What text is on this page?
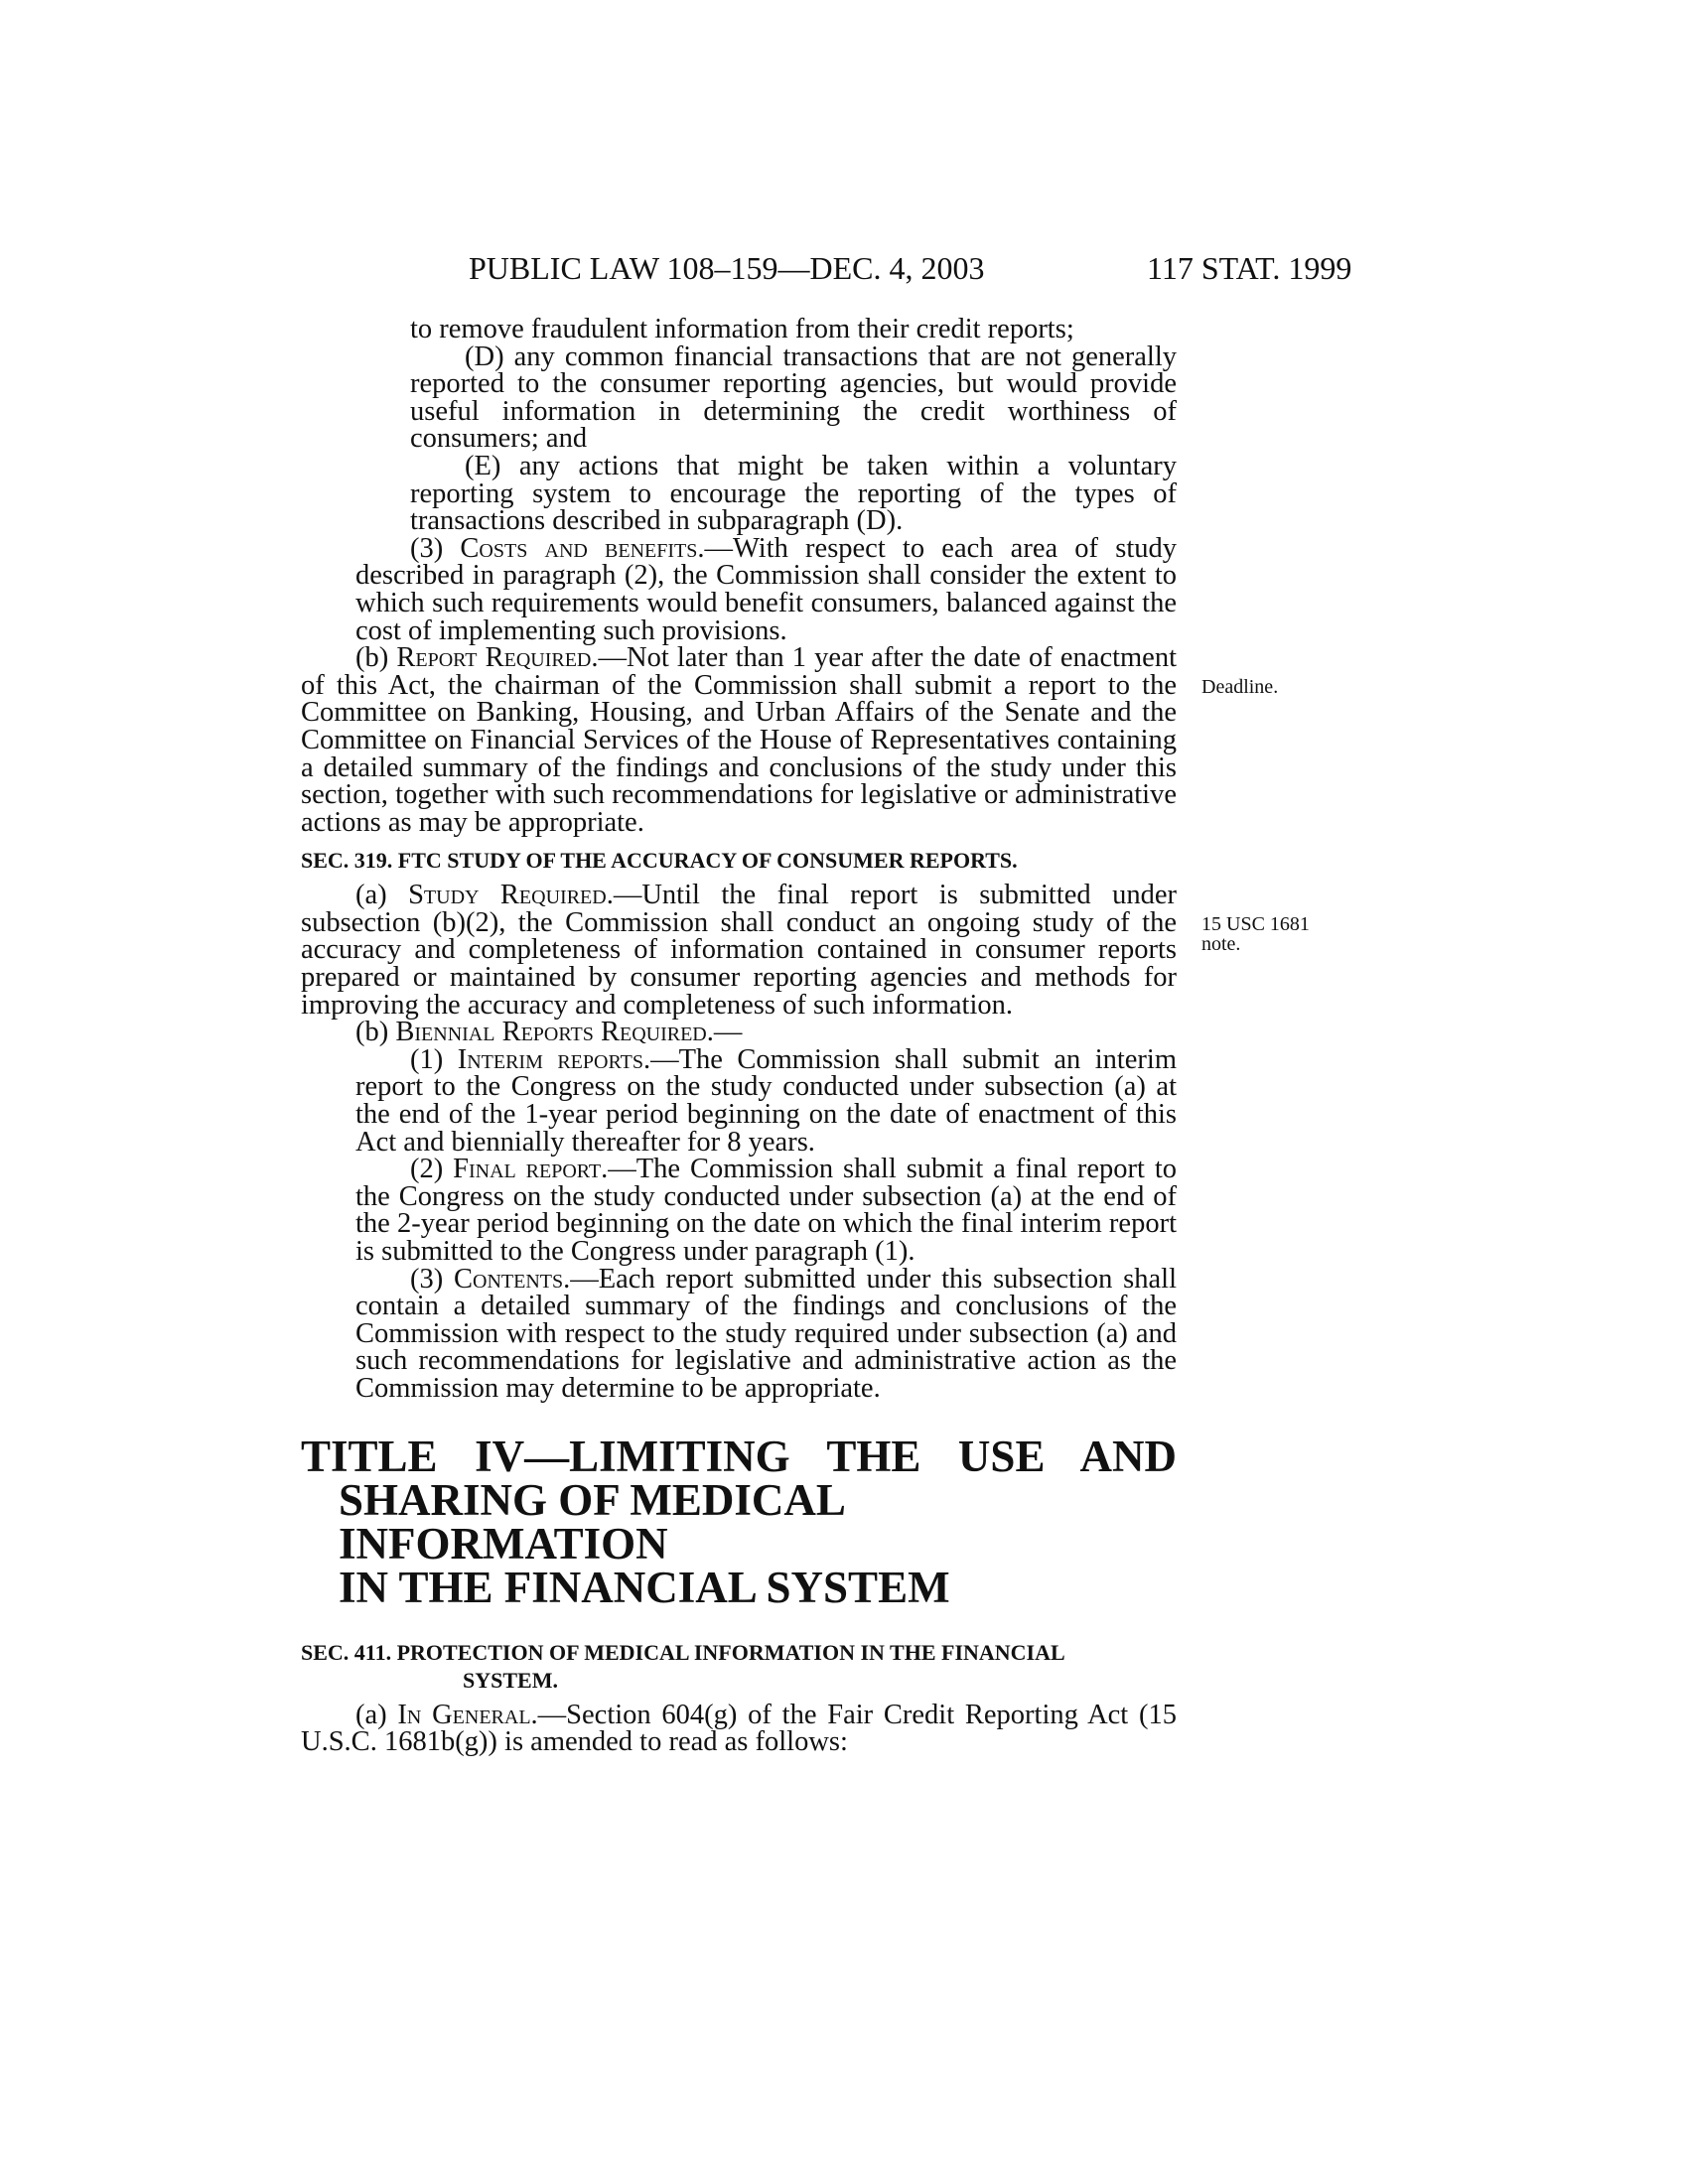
PUBLIC LAW 108–159—DEC. 4, 2003	117 STAT. 1999

to remove fraudulent information from their credit reports;

(D) any common financial transactions that are not generally reported to the consumer reporting agencies, but would provide useful information in determining the credit worthiness of consumers; and

(E) any actions that might be taken within a voluntary reporting system to encourage the reporting of the types of transactions described in subparagraph (D).

(3) Costs and benefits.—With respect to each area of study described in paragraph (2), the Commission shall consider the extent to which such requirements would benefit consumers, balanced against the cost of implementing such provisions.

(b) Report Required.—Not later than 1 year after the date of enactment of this Act, the chairman of the Commission shall submit a report to the Committee on Banking, Housing, and Urban Affairs of the Senate and the Committee on Financial Services of the House of Representatives containing a detailed summary of the findings and conclusions of the study under this section, together with such recommendations for legislative or administrative actions as may be appropriate.

SEC. 319. FTC STUDY OF THE ACCURACY OF CONSUMER REPORTS.

(a) Study Required.—Until the final report is submitted under subsection (b)(2), the Commission shall conduct an ongoing study of the accuracy and completeness of information contained in consumer reports prepared or maintained by consumer reporting agencies and methods for improving the accuracy and completeness of such information.

(b) Biennial Reports Required.—

(1) Interim reports.—The Commission shall submit an interim report to the Congress on the study conducted under subsection (a) at the end of the 1-year period beginning on the date of enactment of this Act and biennially thereafter for 8 years.

(2) Final report.—The Commission shall submit a final report to the Congress on the study conducted under subsection (a) at the end of the 2-year period beginning on the date on which the final interim report is submitted to the Congress under paragraph (1).

(3) Contents.—Each report submitted under this subsection shall contain a detailed summary of the findings and conclusions of the Commission with respect to the study required under subsection (a) and such recommendations for legislative and administrative action as the Commission may determine to be appropriate.

TITLE IV—LIMITING THE USE AND
SHARING OF MEDICAL INFORMATION
IN THE FINANCIAL SYSTEM

SEC. 411. PROTECTION OF MEDICAL INFORMATION IN THE FINANCIAL

SYSTEM.

(a) In General.—Section 604(g) of the Fair Credit Reporting Act (15 U.S.C. 1681b(g)) is amended to read as follows:

Deadline.
15 USC 1681
note.
